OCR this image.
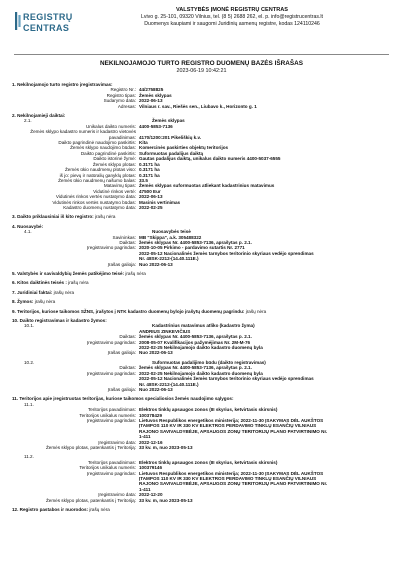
REGISTRŲ
CENTRAS
VALSTYBĖS ĮMONĖ REGISTRŲ CENTRAS
Lvivo g. 25-101, 09320 Vilnius, tel. (8 5) 2688 262, el. p. info@registrucentras.lt
Duomenys kaupiami ir saugomi Juridinių asmenų registre, kodas 124110246
NEKILNOJAMOJO TURTO REGISTRO DUOMENŲ BAZĖS IŠRAŠAS
2023-06-19 10:42:21

1. Nekilnojamojo turto registro įregistravimas:

Registro Nr.: 44/2758825
Registro tipas: Žemės sklypas
Sudarymo data: 2022-06-13
Adresas: Vilniaus r. sav., Riešės sen., Liubavo k., Horizonto g. 1

2. Nekilnojamieji daiktai:

2.1.	Žemės sklypas
Unikalus daikto numeris: 4400-5853-7136
Žemės sklypo kadastro numeris ir kadastro vietovės
pavadinimas: 4170/1200:201 Pikeliškių k.v.
Daikto pagrindinė naudojimo paskirtis: Kita
Žemės sklypo naudojimo būdas: Komercinės paskirties objektų teritorijos
Daikto pagrindinė paskirtis: Suformuotas padalijus daiktą
Daikto istorinė žymė: Gautas padalijus daiktą, unikalus daikto numeris 4400-5037-6555
Žemės sklypo plotas: 0.3171 ha
Žemės ūkio naudmenų plotas viso: 0.3171 ha
iš jo: pievų ir natūralių ganyklų plotas: 0.3171 ha
Žemės ūkio naudmenų našumo balas: 33.5
Matavimų tipas: Žemės sklypas suformuotas atliekant kadastrinius matavimus
Vidutinė rinkos vertė: 47500 Eur
Vidutinės rinkos vertės nustatymo data: 2022-06-13
Vidutinės rinkos vertės nustatymo būdas: Masinis vertinimas
Kadastro duomenų nustatymo data: 2022-02-25

3. Daikto priklausiniai iš kito registro: įrašų nėra

4. Nuosavybė:

4.1.	Nuosavybės teisė
Savininkas: MB "Skippa", a.k. 305488322
Daiktas: žemės sklypas Nr. 4400-5853-7136, aprašytas p. 2.1.
Įregistravimo pagrindas: 2020-10-05 Pirkimo - pardavimo sutartis Nr. 2771
2022-05-12 Nacionalinės žemės tarnybos teritorinio skyriaus vedėjo sprendimas
Nr. 48SK-2212-(14.40.111E.)
Įrašas galioja: Nuo 2022-06-13

5. Valstybės ir savivaldybių žemės patikėjimo teisė: įrašų nėra

6. Kitos daiktinės teisės : įrašų nėra

7. Juridiniai faktai: įrašų nėra

8. Žymos: įrašų nėra

9. Teritorijos, kuriose taikomos SŽNS, įrašytos į NTK kadastro duomenų bylojo įrašytų duomenų pagrindu: įrašų nėra

10. Daikto registravimas ir kadastro žymos:

10.1.	Kadastrinius matavimus atliko (kadastro žyma)
ANDRIUS ZINKEVIČIUS
Daiktas: žemės sklypas Nr. 4400-5853-7136, aprašytas p. 2.1.
Įregistravimo pagrindas: 2008-05-07 Kvalifikacijos pažymėjimas Nr. 2M-M-76
2022-02-25 Nekilnojamojo daikto kadastro duomenų byla
Įrašas galioja: Nuo 2022-06-13
10.2.	Suformuotas padalijimo būdu (daikto registravimas)
Daiktas: žemės sklypas Nr. 4400-5853-7136, aprašytas p. 2.1.
Įregistravimo pagrindas: 2022-02-25 Nekilnojamojo daikto kadastro duomenų byla
2022-05-12 Nacionalinės žemės tarnybos teritorinio skyriaus vedėjo sprendimas
Nr. 48SK-2212-(14.40.111E.)
Įrašas galioja: Nuo 2022-06-13

11. Teritorijos apie įregistruotas teritorijas, kuriose taikomos specialiosios žemės naudojimo sąlygos:

11.1.
Teritorijos pavadinimas: Elektros tinklų apsaugos zonos (III skyrius, ketvirtasis skirsnis)
Teritorijos unikalus numeris: 100378429
Įregistravimo pagrindas: Lietuvos Respublikos energetikos ministerija; 2022-11-30 ĮSAKYMAS DĖL AUKŠTOS
ĮTAMPOS 110 KV IR 330 KV ELEKTROS PERDAVIMO TINKLŲ ESANČIŲ VILNIAUS
RAJONO SAVIVALDYBĖJE, APSAUGOS ZONŲ TERITORIJŲ PLANO PATVIRTINIMO Nr.
1-411
Įregistravimo data: 2022-12-16
Žemės sklypo plotas, patenkantis į Teritoriją: 33 kv. m, nuo 2023-05-13
11.2.
Teritorijos pavadinimas: Elektros tinklų apsaugos zonos (III skyrius, ketvirtasis skirsnis)
Teritorijos unikalus numeris: 100379146
Įregistravimo pagrindas: Lietuvos Respublikos energetikos ministerija; 2022-11-30 ĮSAKYMAS DĖL AUKŠTOS
ĮTAMPOS 110 KV IR 330 KV ELEKTROS PERDAVIMO TINKLŲ ESANČIŲ VILNIAUS
RAJONO SAVIVALDYBĖJE, APSAUGOS ZONŲ TERITORIJŲ PLANO PATVIRTINIMO Nr.
1-411
Įregistravimo data: 2022-12-20
Žemės sklypo plotas, patenkantis į Teritoriją: 33 kv. m, nuo 2023-05-13

12. Registro pastabos ir nuorodos: įrašų nėra
